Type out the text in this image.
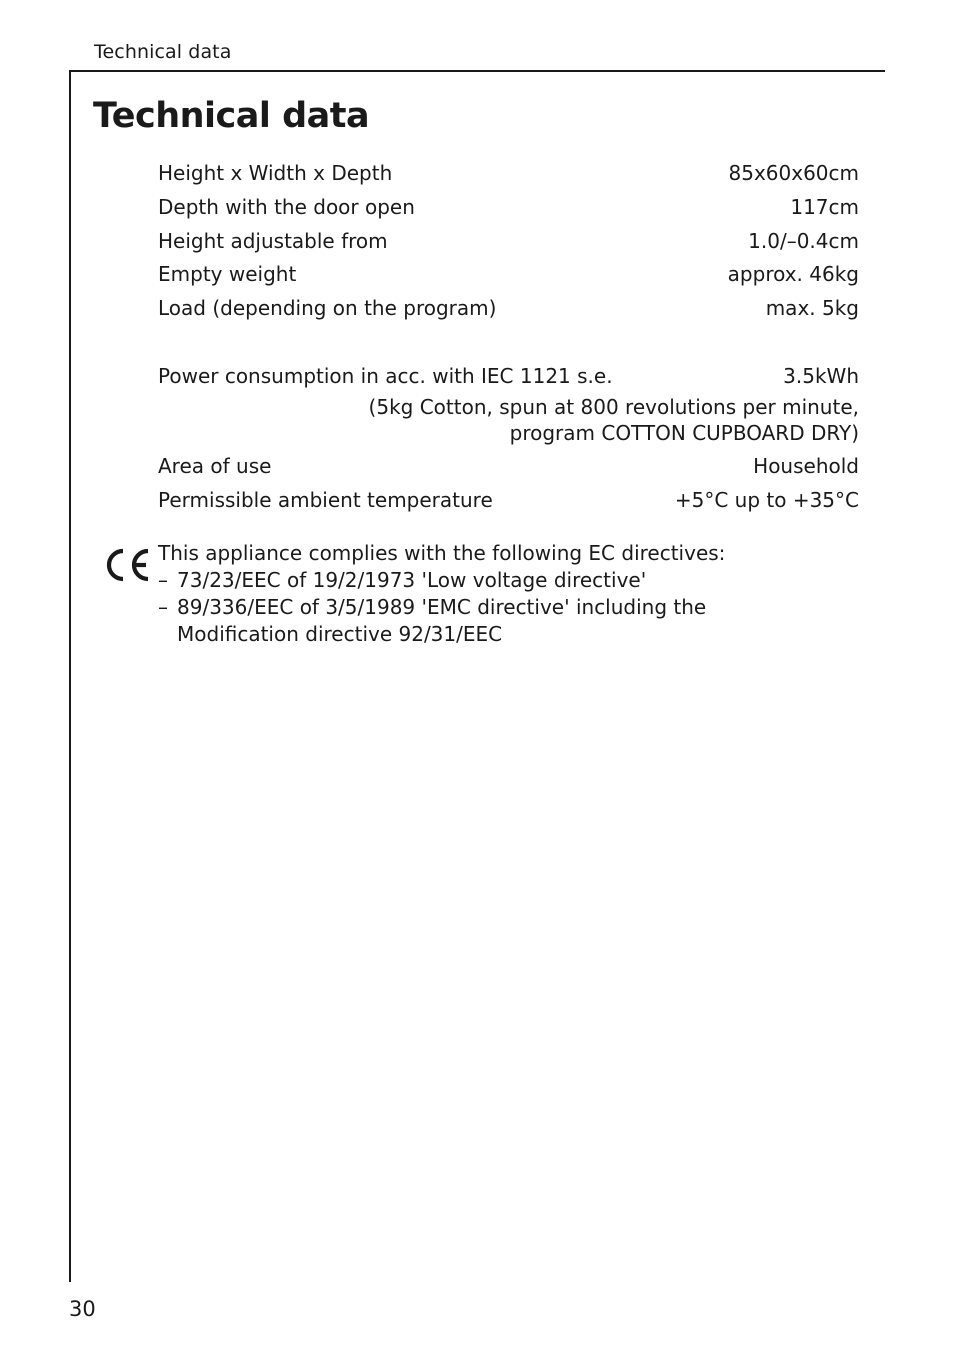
Technical data
Technical data
Height x Width x Depth	85x60x60cm
Depth with the door open	117cm
Height adjustable from	1.0/–0.4cm
Empty weight	approx. 46kg
Load (depending on the program)	max. 5kg
Power consumption in acc. with IEC 1121 s.e.	3.5kWh
(5kg Cotton, spun at 800 revolutions per minute,
program COTTON CUPBOARD DRY)
Area of use	Household
Permissible ambient temperature	+5°C up to +35°C
This appliance complies with the following EC directives:
– 73/23/EEC of 19/2/1973 'Low voltage directive'
– 89/336/EEC of 3/5/1989 'EMC directive' including the
Modification directive 92/31/EEC
30
